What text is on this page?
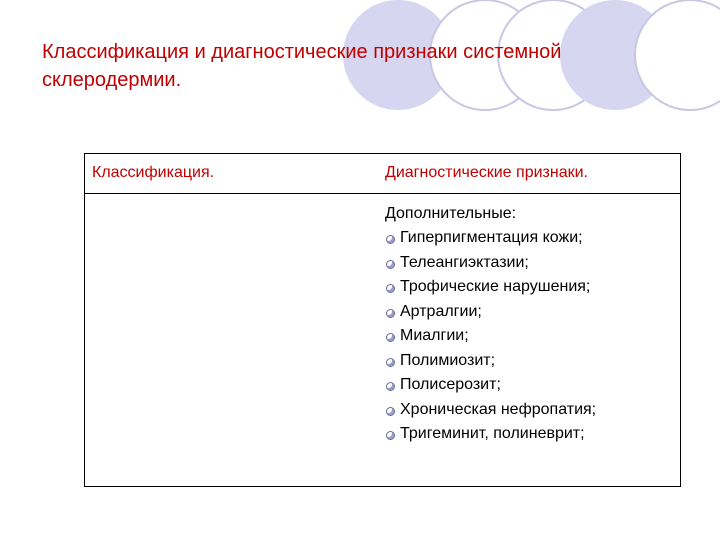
Классификация и диагностические признаки системной склеродермии.
Классификация.	Диагностические признаки.
Дополнительные:
Гиперпигментация кожи;
Телеангиэктазии;
Трофические нарушения;
Артралгии;
Миалгии;
Полимиозит;
Полисерозит;
Хроническая нефропатия;
Тригеминит, полиневрит;
